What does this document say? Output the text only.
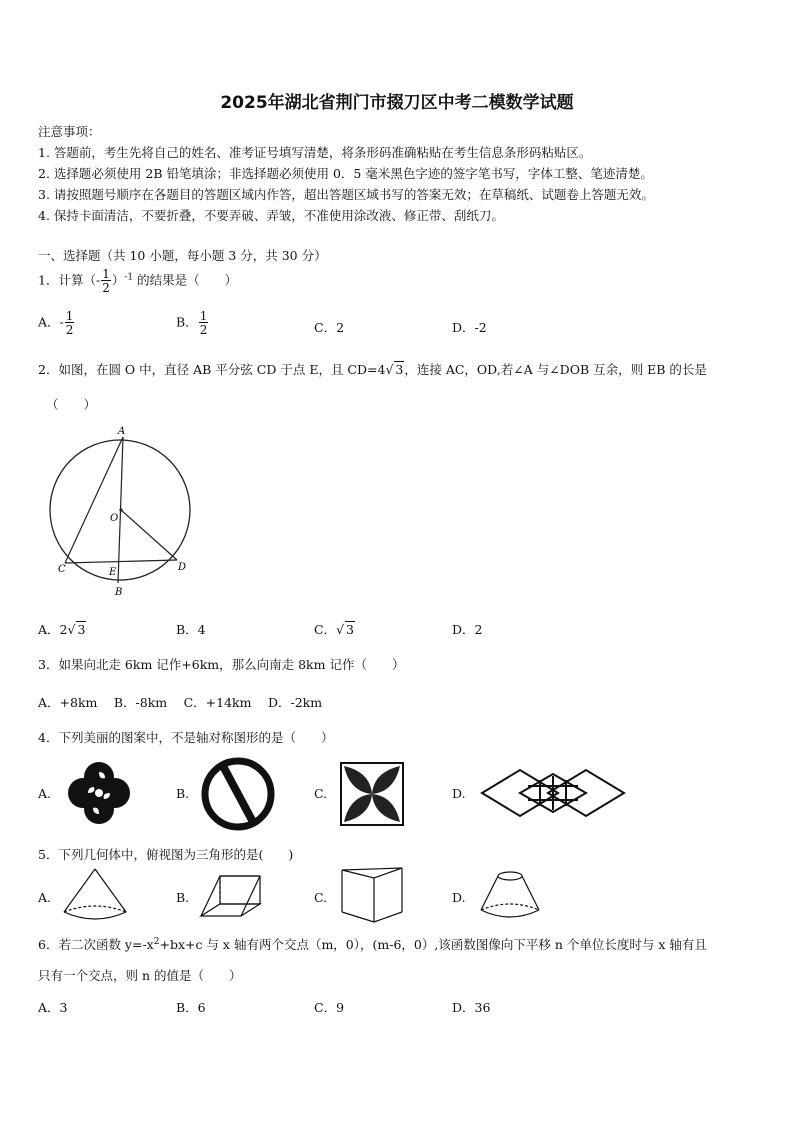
2025年湖北省荆门市掇刀区中考二模数学试题
注意事项：
1. 答题前，考生先将自己的姓名、准考证号填写清楚，将条形码准确粘贴在考生信息条形码粘贴区。
2. 选择题必须使用 2B 铅笔填涂；非选择题必须使用 0．5 毫米黑色字迹的签字笔书写，字体工整、笔迹清楚。
3. 请按照题号顺序在各题目的答题区域内作答，超出答题区域书写的答案无效；在草稿纸、试题卷上答题无效。
4. 保持卡面清洁，不要折叠，不要弄破、弄皱，不准使用涂改液、修正带、刮纸刀。
一、选择题（共 10 小题，每小题 3 分，共 30 分）
1．计算（- $\frac{1}{2} )^{-1}$ 的结果是（　　）
A．- $\frac{1}{2}$	B． $\frac{1}{2}$	C．2	D．-2
2．如图，在圆 O 中，直径 AB 平分弦 CD 于点 E，且 CD=4√ 3，连接 AC，OD,若∠A 与∠DOB 互余，则 EB 的长是
（　　）
A
O
C	E	D
B
A．2√ 3	B．4	C．√ 3	D．2
3．如果向北走 6km 记作+6km，那么向南走 8km 记作（　　）
A．+8km　 B．-8km　 C．+14km　 D．-2km
4．下列美丽的图案中，不是轴对称图形的是（　　）
A.	B.	C.	D.
5．下列几何体中，俯视图为三角形的是(　　)
A.	B.	C.	D.
6．若二次函数 $y=-x^2+bx+c$ 与 x 轴有两个交点（m，0），(m-6，0）,该函数图像向下平移 n 个单位长度时与 x 轴有且
只有一个交点，则 n 的值是（　　）
A．3	B．6	C．9	D．36
